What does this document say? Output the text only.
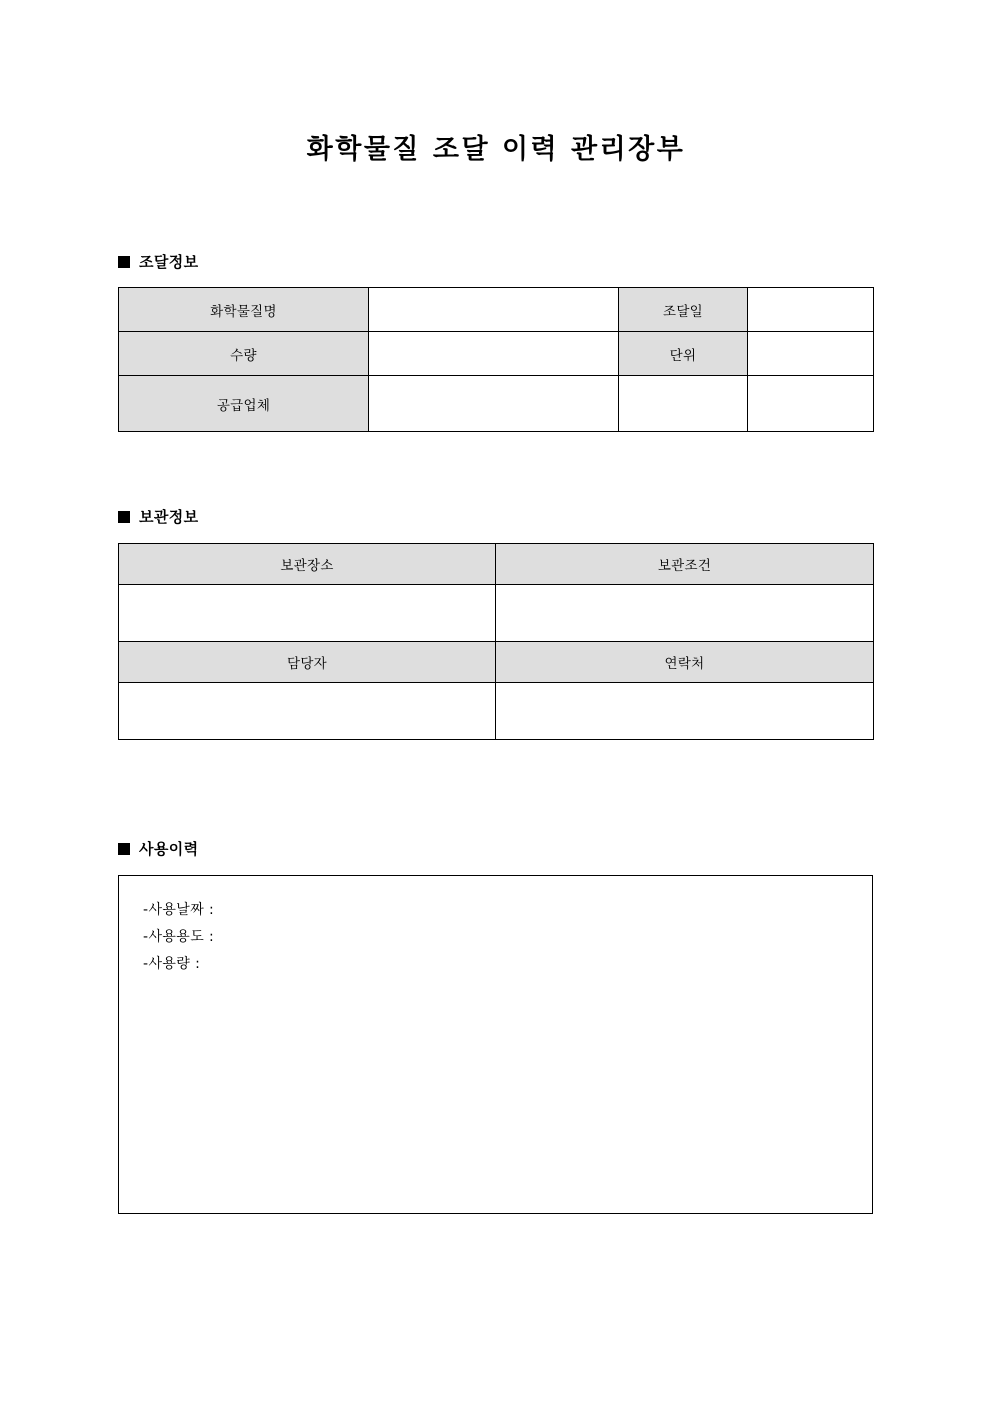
화학물질 조달 이력 관리장부
조달정보
화학물질명		조달일	
수량		단위	
공급업체			
보관정보
보관장소	보관조건

담당자	연락처

사용이력
-사용날짜 :
-사용용도 :
-사용량 :
